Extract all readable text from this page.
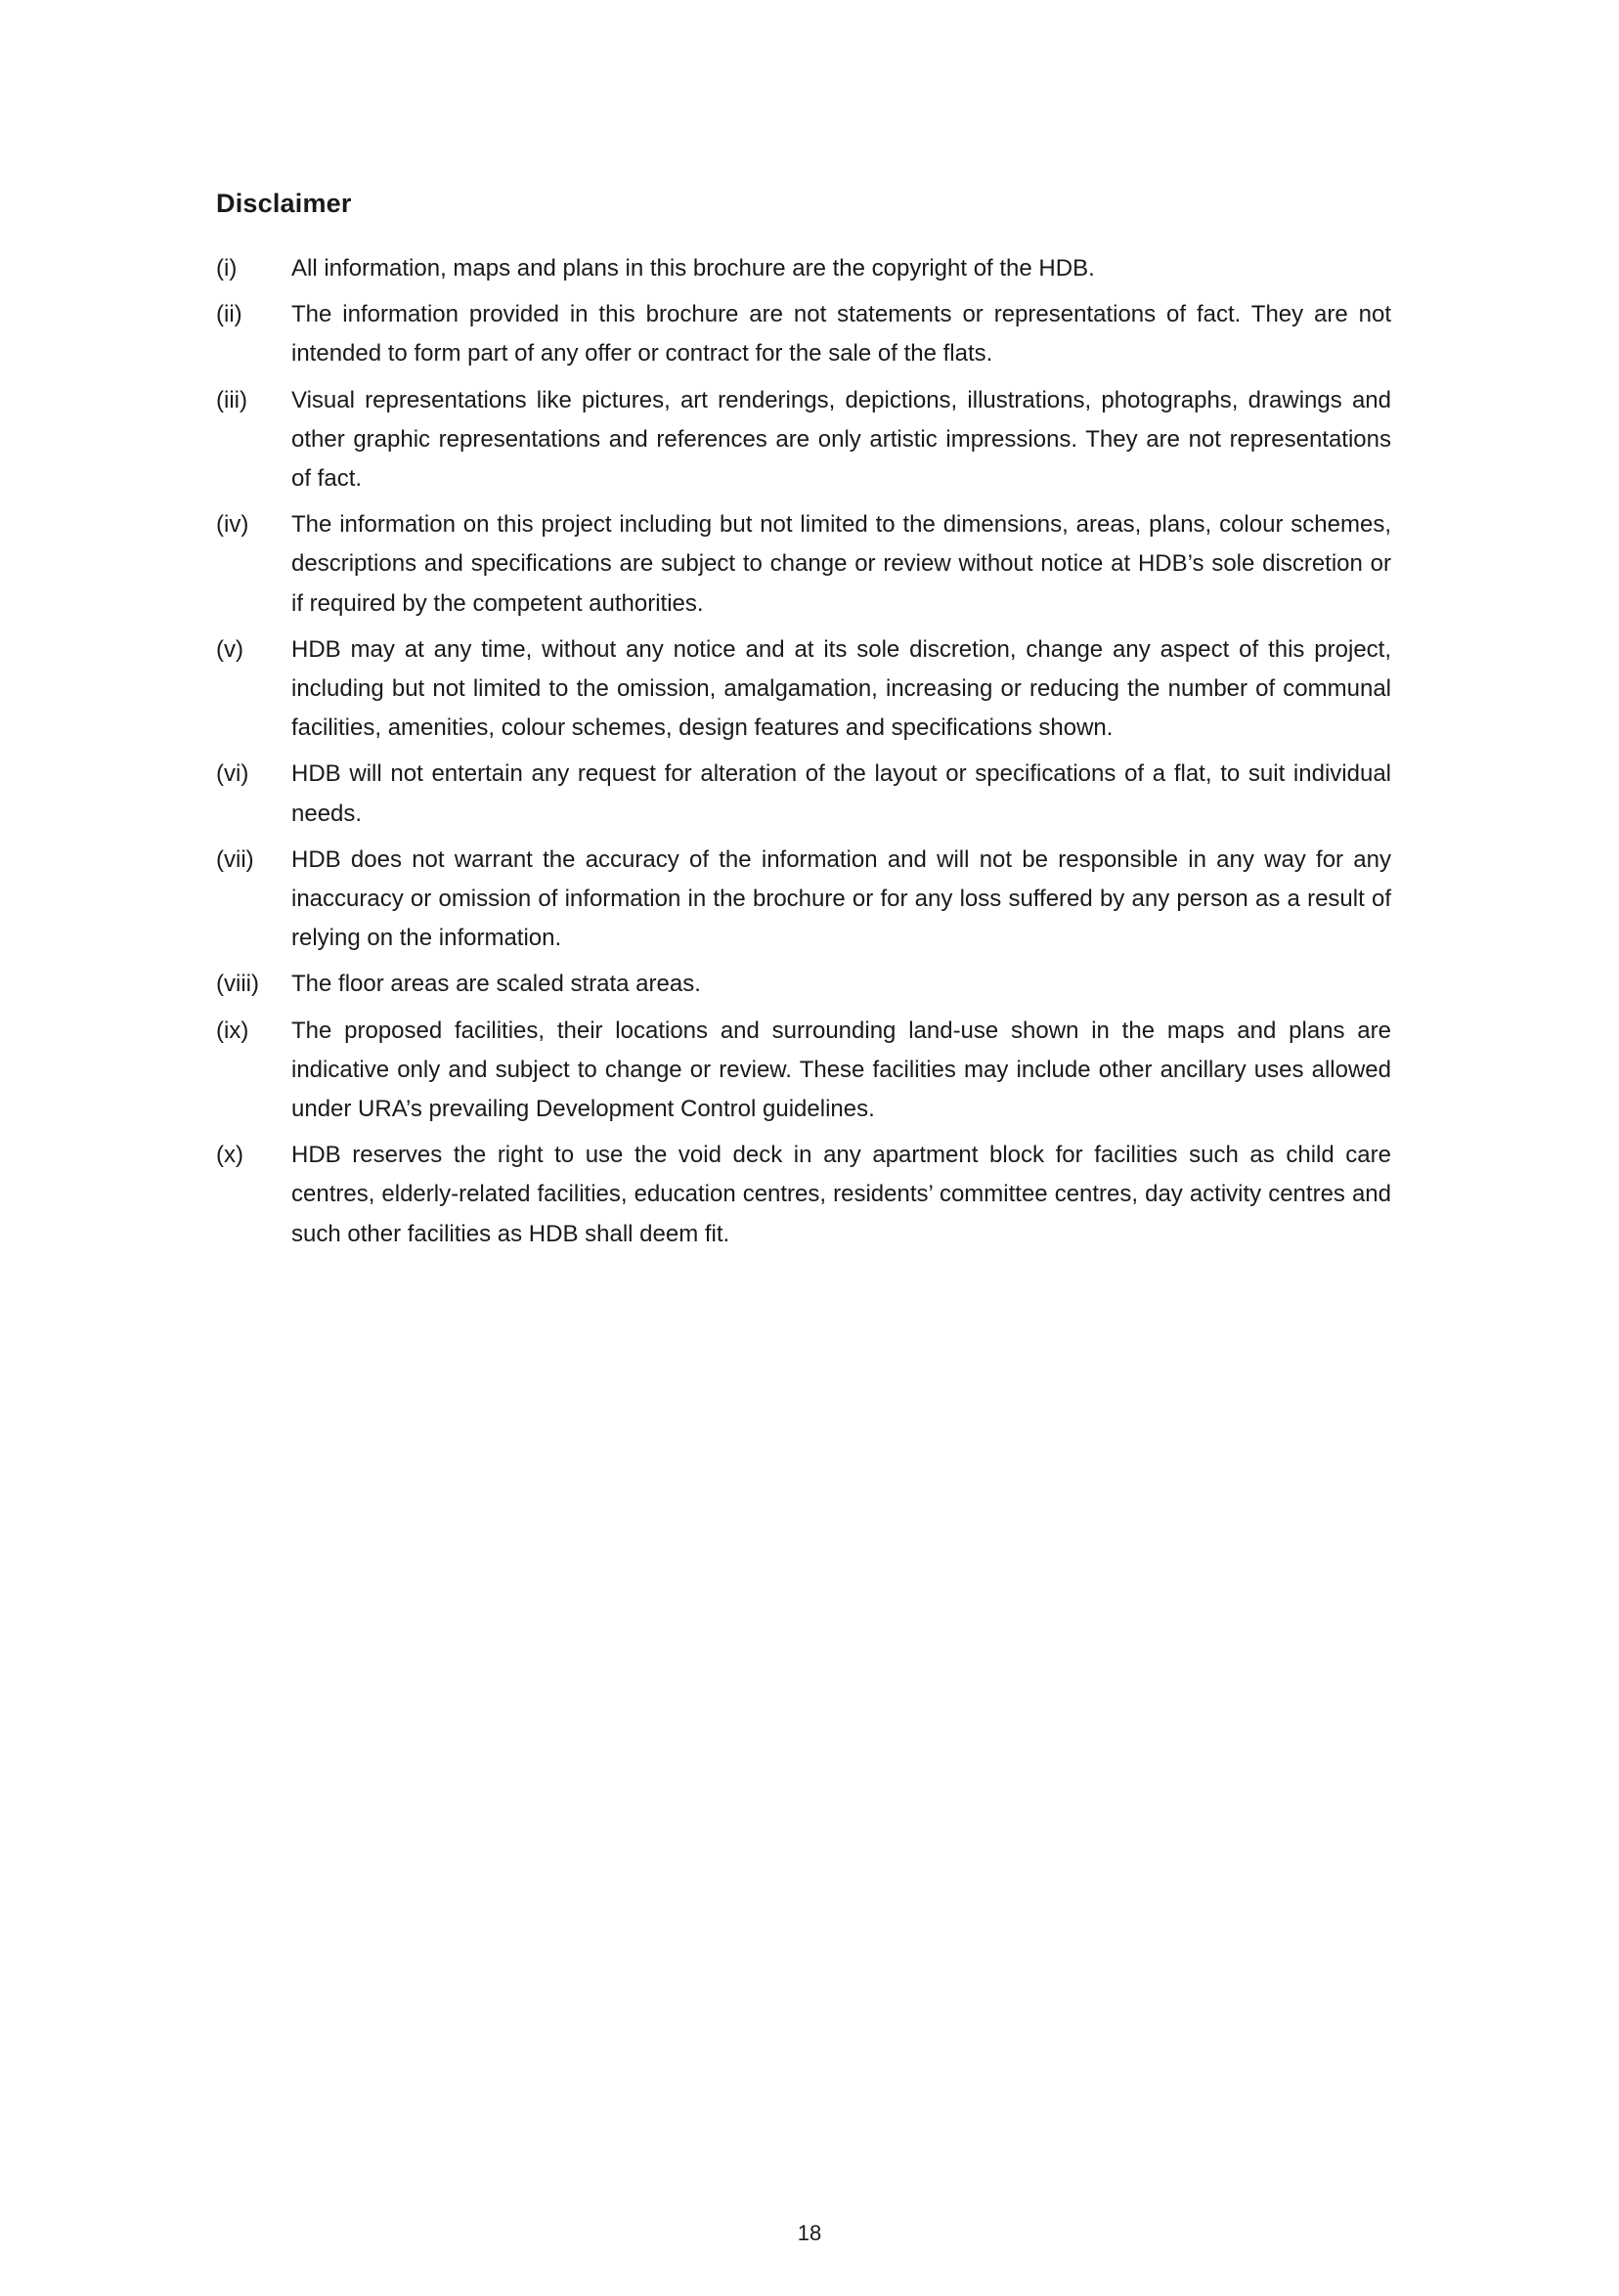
Disclaimer
(i)	All information, maps and plans in this brochure are the copyright of the HDB.
(ii)	The information provided in this brochure are not statements or representations of fact. They are not intended to form part of any offer or contract for the sale of the flats.
(iii)	Visual representations like pictures, art renderings, depictions, illustrations, photographs, drawings and other graphic representations and references are only artistic impressions. They are not representations of fact.
(iv)	The information on this project including but not limited to the dimensions, areas, plans, colour schemes, descriptions and specifications are subject to change or review without notice at HDB’s sole discretion or if required by the competent authorities.
(v)	HDB may at any time, without any notice and at its sole discretion, change any aspect of this project, including but not limited to the omission, amalgamation, increasing or reducing the number of communal facilities, amenities, colour schemes, design features and specifications shown.
(vi)	HDB will not entertain any request for alteration of the layout or specifications of a flat, to suit individual needs.
(vii)	HDB does not warrant the accuracy of the information and will not be responsible in any way for any inaccuracy or omission of information in the brochure or for any loss suffered by any person as a result of relying on the information.
(viii)	The floor areas are scaled strata areas.
(ix)	The proposed facilities, their locations and surrounding land-use shown in the maps and plans are indicative only and subject to change or review. These facilities may include other ancillary uses allowed under URA’s prevailing Development Control guidelines.
(x)	HDB reserves the right to use the void deck in any apartment block for facilities such as child care centres, elderly-related facilities, education centres, residents’ committee centres, day activity centres and such other facilities as HDB shall deem fit.
18
